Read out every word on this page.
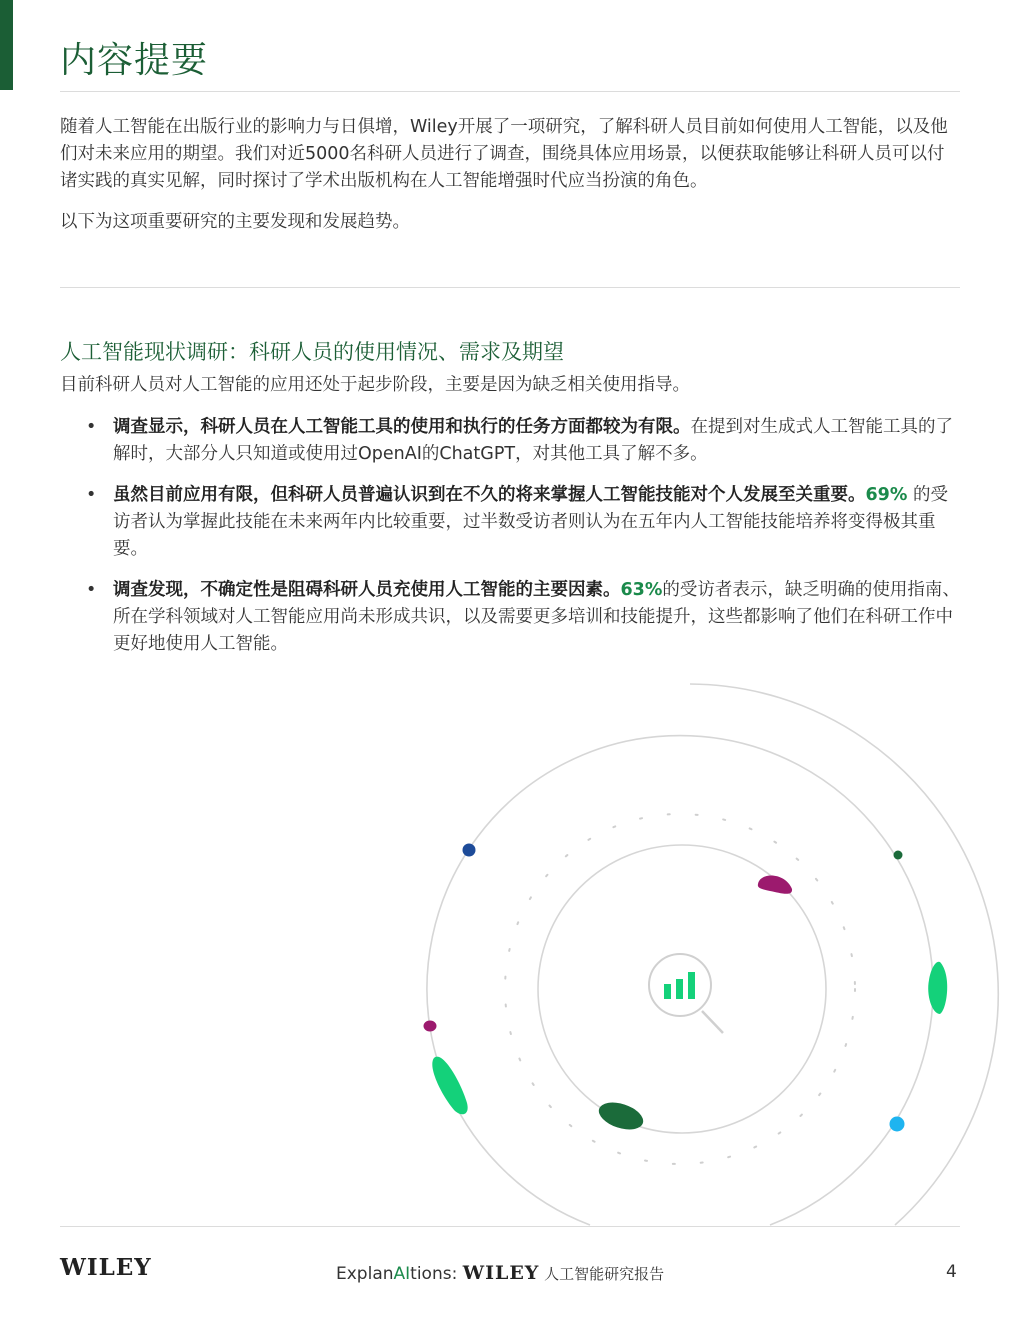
内容提要

随着人工智能在出版行业的影响力与日俱增，Wiley开展了一项研究，了解科研人员目前如何使用人工智能，以及他们对未来应用的期望。我们对近5000名科研人员进行了调查，围绕具体应用场景，以便获取能够让科研人员可以付诸实践的真实见解，同时探讨了学术出版机构在人工智能增强时代应当扮演的角色。

以下为这项重要研究的主要发现和发展趋势。

人工智能现状调研：科研人员的使用情况、需求及期望

目前科研人员对人工智能的应用还处于起步阶段，主要是因为缺乏相关使用指导。

• 调查显示，科研人员在人工智能工具的使用和执行的任务方面都较为有限。在提到对生成式人工智能工具的了解时，大部分人只知道或使用过OpenAI的ChatGPT，对其他工具了解不多。
• 虽然目前应用有限，但科研人员普遍认识到在不久的将来掌握人工智能技能对个人发展至关重要。69% 的受访者认为掌握此技能在未来两年内比较重要，过半数受访者则认为在五年内人工智能技能培养将变得极其重要。
• 调查发现，不确定性是阻碍科研人员充使用人工智能的主要因素。63%的受访者表示，缺乏明确的使用指南、所在学科领域对人工智能应用尚未形成共识，以及需要更多培训和技能提升，这些都影响了他们在科研工作中更好地使用人工智能。
WILEY	ExplanAItions: WILEY 人工智能研究报告	4
